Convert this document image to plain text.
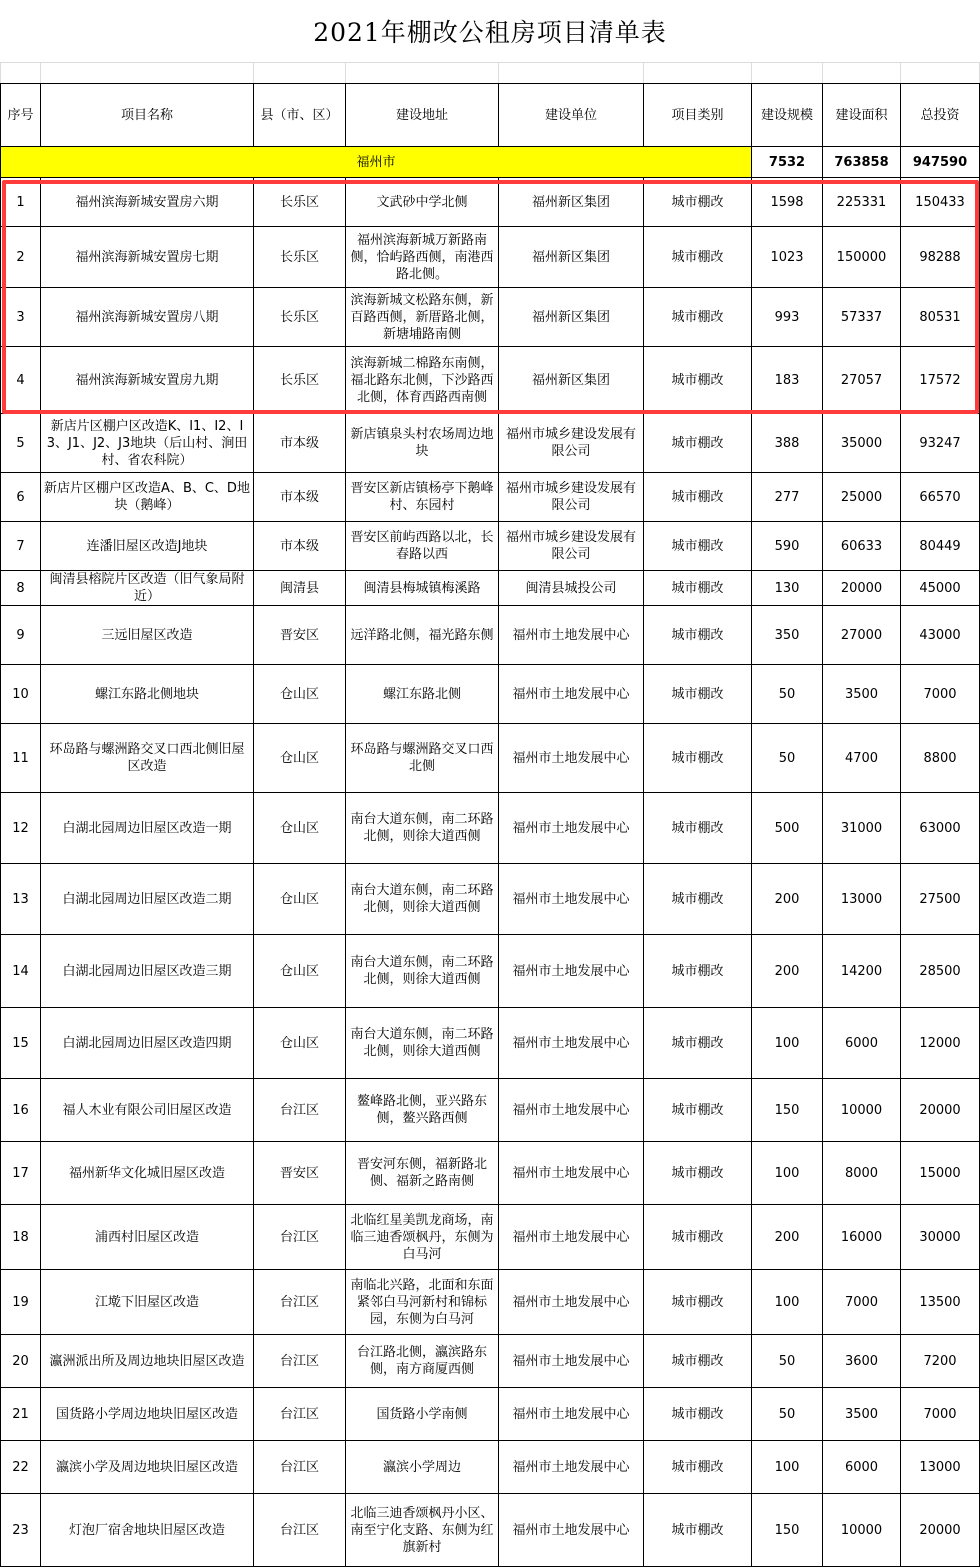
2021年棚改公租房项目清单表

序号	项目名称	县（市、区）	建设地址	建设单位	项目类别	建设规模	建设面积	总投资
福州市						7532	763858	947590
1	福州滨海新城安置房六期	长乐区	文武砂中学北侧	福州新区集团	城市棚改	1598	225331	150433
2	福州滨海新城安置房七期	长乐区	福州滨海新城万新路南侧，恰屿路西侧，南港西路北侧。	福州新区集团	城市棚改	1023	150000	98288
3	福州滨海新城安置房八期	长乐区	滨海新城文松路东侧，新百路西侧，新厝路北侧，新塘埔路南侧	福州新区集团	城市棚改	993	57337	80531
4	福州滨海新城安置房九期	长乐区	滨海新城二棉路东南侧，福北路东北侧，下沙路西北侧，体育西路西南侧	福州新区集团	城市棚改	183	27057	17572
5	新店片区棚户区改造K、I1、I2、I3、J1、J2、J3地块（后山村、涧田村、省农科院）	市本级	新店镇泉头村农场周边地块	福州市城乡建设发展有限公司	城市棚改	388	35000	93247
6	新店片区棚户区改造A、B、C、D地块（鹅峰）	市本级	晋安区新店镇杨亭下鹅峰村、东园村	福州市城乡建设发展有限公司	城市棚改	277	25000	66570
7	连潘旧屋区改造J地块	市本级	晋安区前屿西路以北，长春路以西	福州市城乡建设发展有限公司	城市棚改	590	60633	80449
8	闽清县榕院片区改造（旧气象局附近）	闽清县	闽清县梅城镇梅溪路	闽清县城投公司	城市棚改	130	20000	45000
9	三远旧屋区改造	晋安区	远洋路北侧，福光路东侧	福州市土地发展中心	城市棚改	350	27000	43000
10	螺江东路北侧地块	仓山区	螺江东路北侧	福州市土地发展中心	城市棚改	50	3500	7000
11	环岛路与螺洲路交叉口西北侧旧屋区改造	仓山区	环岛路与螺洲路交叉口西北侧	福州市土地发展中心	城市棚改	50	4700	8800
12	白湖北园周边旧屋区改造一期	仓山区	南台大道东侧，南二环路北侧，则徐大道西侧	福州市土地发展中心	城市棚改	500	31000	63000
13	白湖北园周边旧屋区改造二期	仓山区	南台大道东侧，南二环路北侧，则徐大道西侧	福州市土地发展中心	城市棚改	200	13000	27500
14	白湖北园周边旧屋区改造三期	仓山区	南台大道东侧，南二环路北侧，则徐大道西侧	福州市土地发展中心	城市棚改	200	14200	28500
15	白湖北园周边旧屋区改造四期	仓山区	南台大道东侧，南二环路北侧，则徐大道西侧	福州市土地发展中心	城市棚改	100	6000	12000
16	福人木业有限公司旧屋区改造	台江区	鳌峰路北侧，亚兴路东侧，鳌兴路西侧	福州市土地发展中心	城市棚改	150	10000	20000
17	福州新华文化城旧屋区改造	晋安区	晋安河东侧，福新路北侧、福新之路南侧	福州市土地发展中心	城市棚改	100	8000	15000
18	浦西村旧屋区改造	台江区	北临红星美凯龙商场，南临三迪香颂枫丹，东侧为白马河	福州市土地发展中心	城市棚改	200	16000	30000
19	江墘下旧屋区改造	台江区	南临北兴路，北面和东面紧邻白马河新村和锦标园，东侧为白马河	福州市土地发展中心	城市棚改	100	7000	13500
20	瀛洲派出所及周边地块旧屋区改造	台江区	台江路北侧，瀛滨路东侧，南方商厦西侧	福州市土地发展中心	城市棚改	50	3600	7200
21	国货路小学周边地块旧屋区改造	台江区	国货路小学南侧	福州市土地发展中心	城市棚改	50	3500	7000
22	瀛滨小学及周边地块旧屋区改造	台江区	瀛滨小学周边	福州市土地发展中心	城市棚改	100	6000	13000
23	灯泡厂宿舍地块旧屋区改造	台江区	北临三迪香颂枫丹小区、南至宁化支路、东侧为红旗新村	福州市土地发展中心	城市棚改	150	10000	20000
